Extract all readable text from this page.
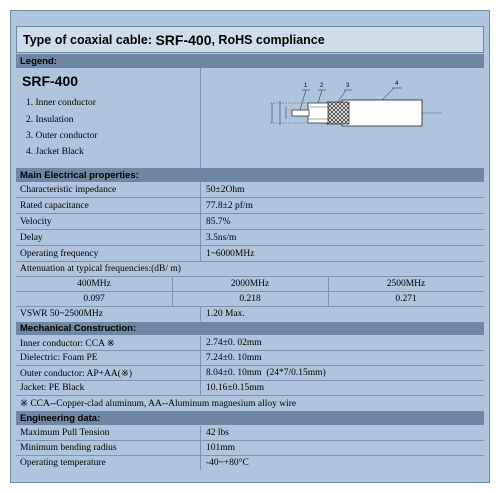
Type of coaxial cable: SRF-400 , RoHS compliance
Legend:
SRF-400
1. Inner conductor
2. Insulation
3. Outer conductor
4. Jacket Black
1 2	3	4
Main Electrical properties:
Characteristic impedance	50±2Ohm
Rated capacitance	77.8±2 pf/m
Velocity	85.7%
Delay	3.5ns/m
Operating frequency	1~6000MHz
Attenuation at typical frequencies:(dB/ m)
400MHz	2000MHz	2500MHz
0.097	0.218	0.271
VSWR 50~2500MHz	1.20 Max.
Mechanical Construction:
Inner conductor: CCA ※	2.74±0. 02mm
Dielectric: Foam PE	7.24±0. 10mm
Outer conductor: AP+AA(※)	8.04±0. 10mm  (24*7/0.15mm)
Jacket: PE Black	10.16±0.15mm
※ CCA--Copper-clad aluminum, AA--Aluminum magnesium alloy wire
Engineering data:
Maximum Pull Tension	42 lbs
Minimum bending radius	101mm
Operating temperature	-40~+80°C
